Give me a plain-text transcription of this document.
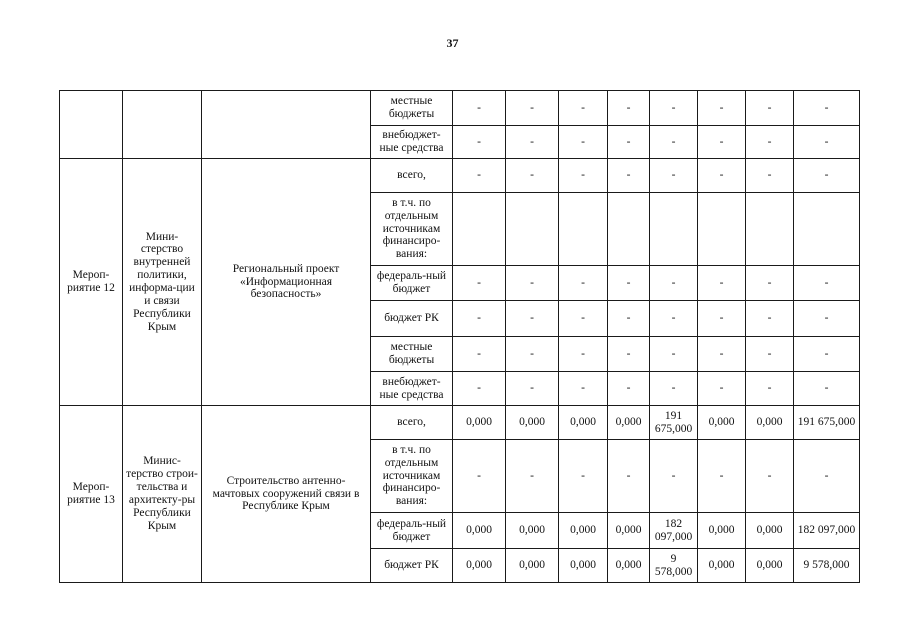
37
			местные бюджеты	-	-	-	-	-	-	-	-
			внебюджет-ные средства	-	-	-	-	-	-	-	-
Мероп-риятие 12	Мини-стерство внутренней политики, информа-ции и связи Республики Крым	Региональный проект «Информационная безопасность»	всего,	-	-	-	-	-	-	-	-
			в т.ч. по отдельным источникам финансиро-вания:								
			федераль-ный бюджет	-	-	-	-	-	-	-	-
			бюджет РК	-	-	-	-	-	-	-	-
			местные бюджеты	-	-	-	-	-	-	-	-
			внебюджет-ные средства	-	-	-	-	-	-	-	-
Мероп-риятие 13	Минис-терство строи-тельства и архитекту-ры Республики Крым	Строительство антенно-мачтовых сооружений связи в Республике Крым	всего,	0,000	0,000	0,000	0,000	191 675,000	0,000	0,000	191 675,000
			в т.ч. по отдельным источникам финансиро-вания:	-	-	-	-	-	-	-	-
			федераль-ный бюджет	0,000	0,000	0,000	0,000	182 097,000	0,000	0,000	182 097,000
			бюджет РК	0,000	0,000	0,000	0,000	9 578,000	0,000	0,000	9 578,000
